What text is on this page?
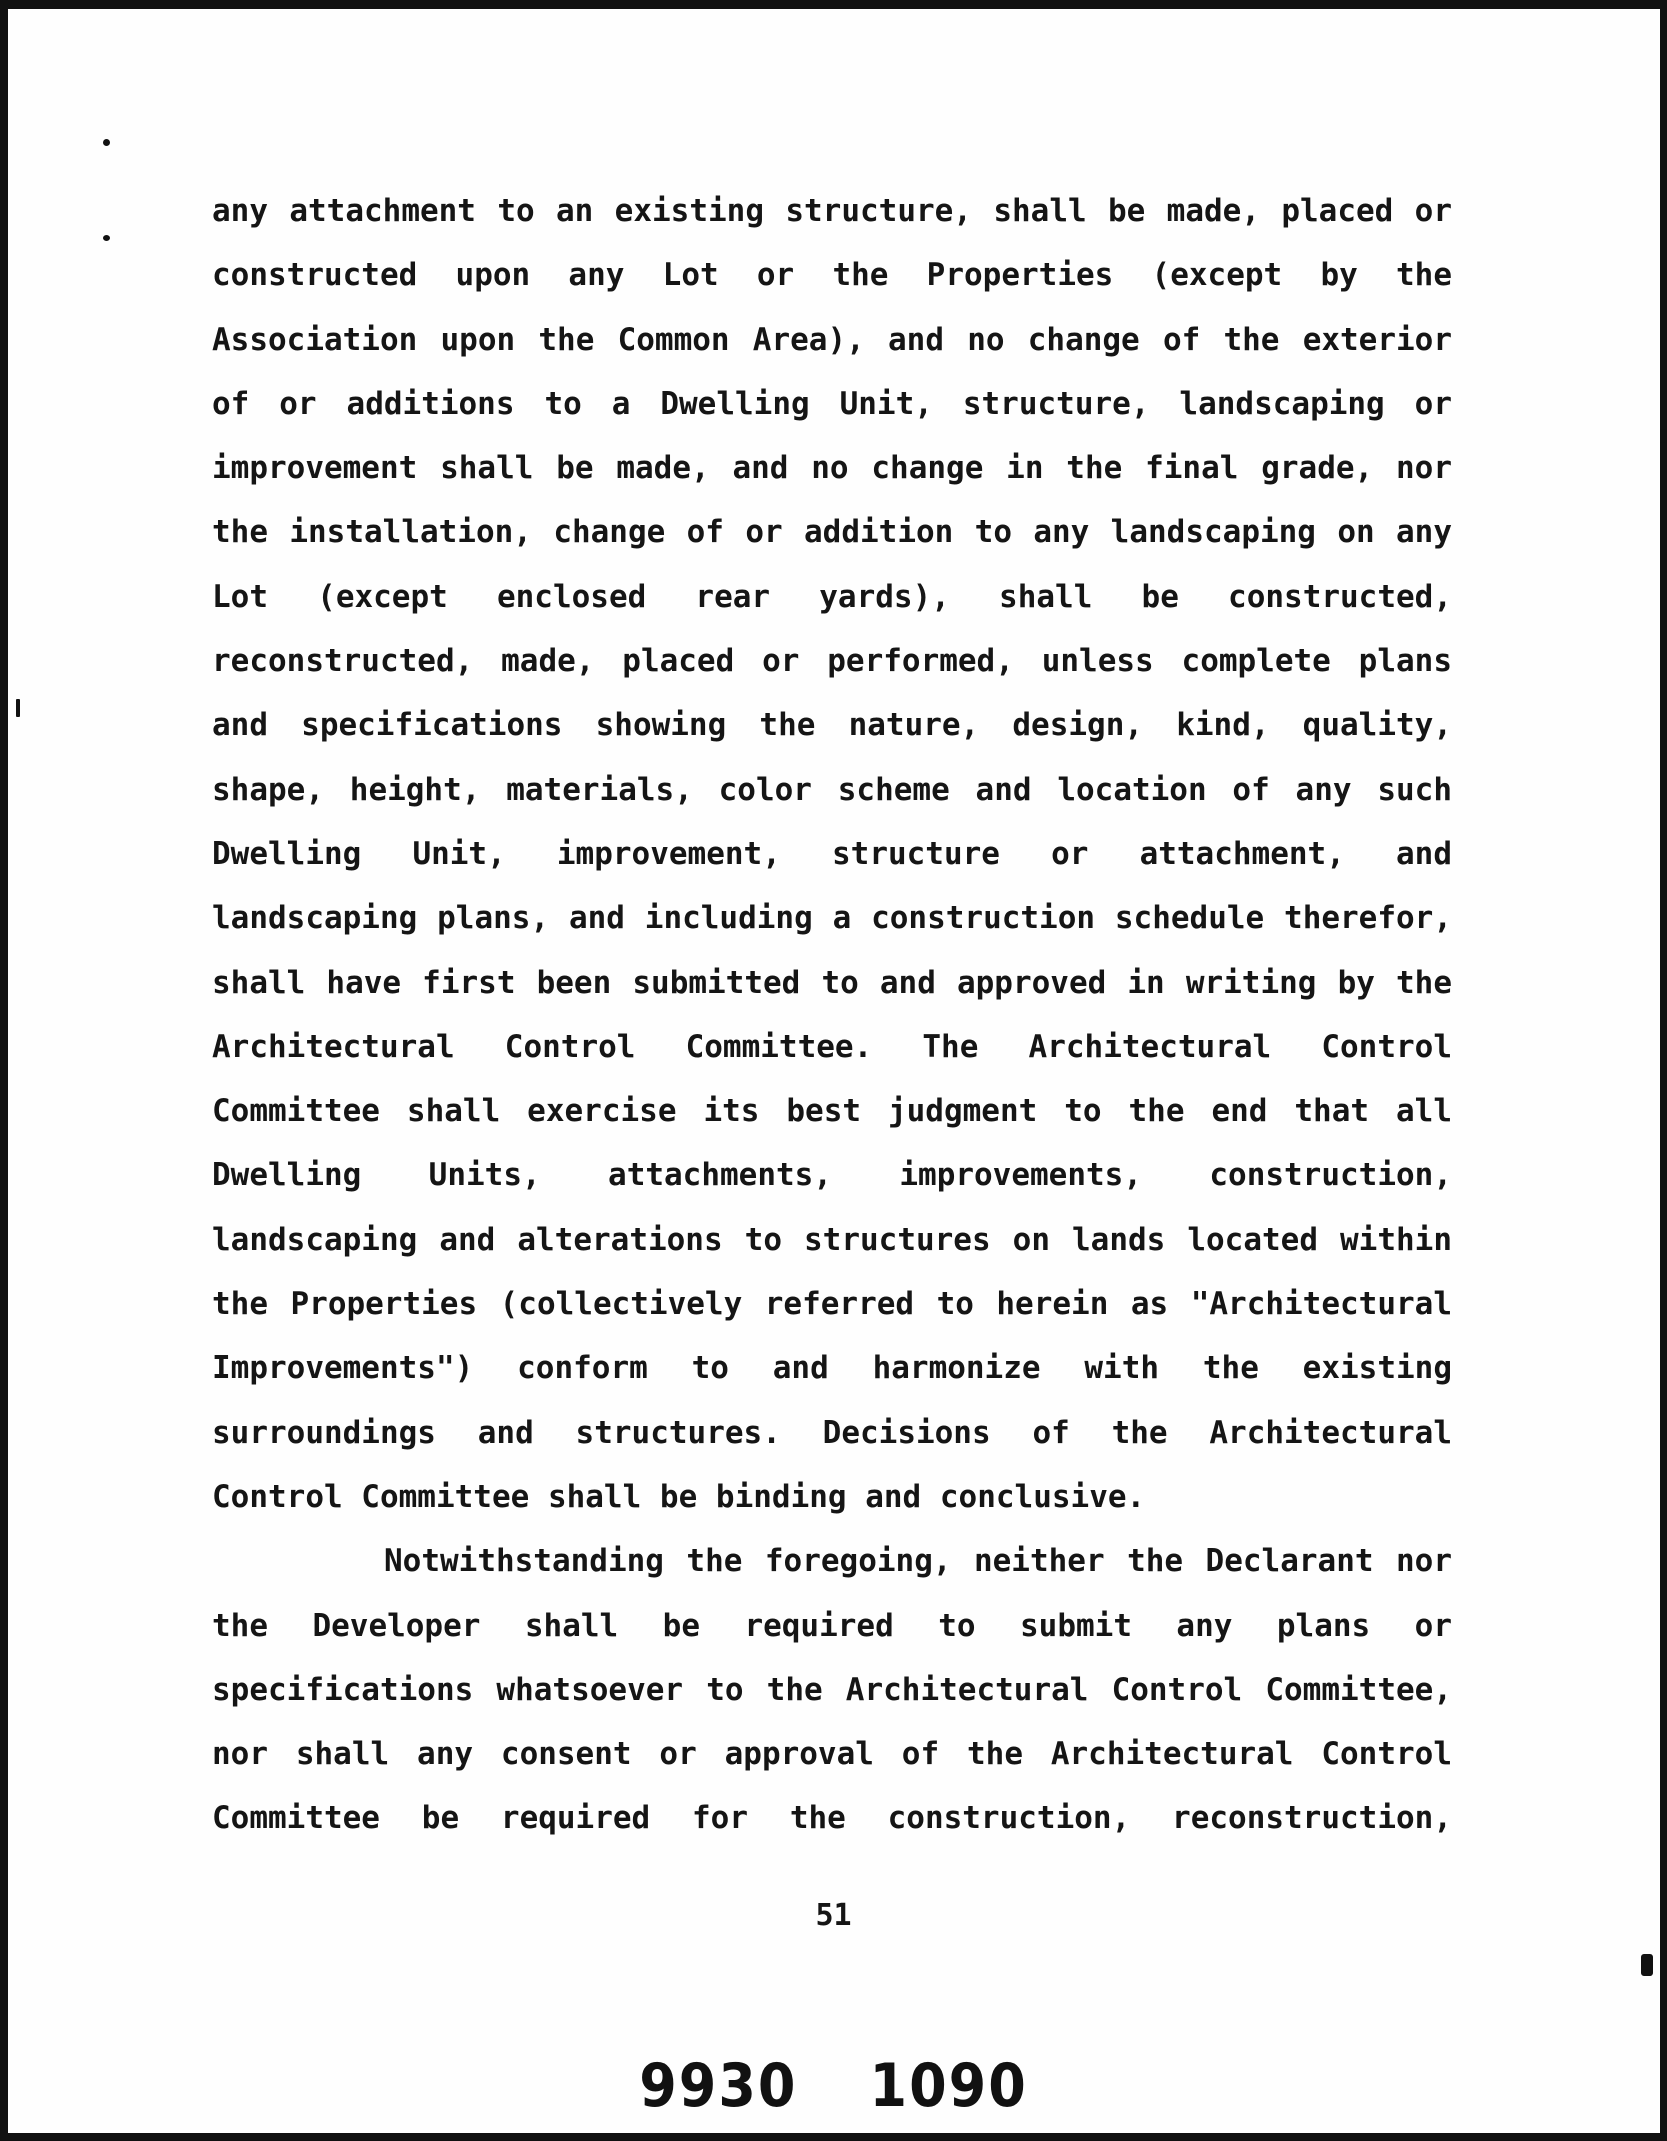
any attachment to an existing structure, shall be made, placed or
constructed upon any Lot or the Properties (except by the
Association upon the Common Area), and no change of the exterior
of or additions to a Dwelling Unit, structure, landscaping or
improvement shall be made, and no change in the final grade, nor
the installation, change of or addition to any landscaping on any
Lot (except enclosed rear yards), shall be constructed,
reconstructed, made, placed or performed, unless complete plans
and specifications showing the nature, design, kind, quality,
shape, height, materials, color scheme and location of any such
Dwelling Unit, improvement, structure or attachment, and
landscaping plans, and including a construction schedule therefor,
shall have first been submitted to and approved in writing by the
Architectural Control Committee. The Architectural Control
Committee shall exercise its best judgment to the end that all
Dwelling Units, attachments, improvements, construction,
landscaping and alterations to structures on lands located within
the Properties (collectively referred to herein as "Architectural
Improvements") conform to and harmonize with the existing
surroundings and structures. Decisions of the Architectural
Control Committee shall be binding and conclusive.
Notwithstanding the foregoing, neither the Declarant nor
the Developer shall be required to submit any plans or
specifications whatsoever to the Architectural Control Committee,
nor shall any consent or approval of the Architectural Control
Committee be required for the construction, reconstruction,
51
9930 1090
